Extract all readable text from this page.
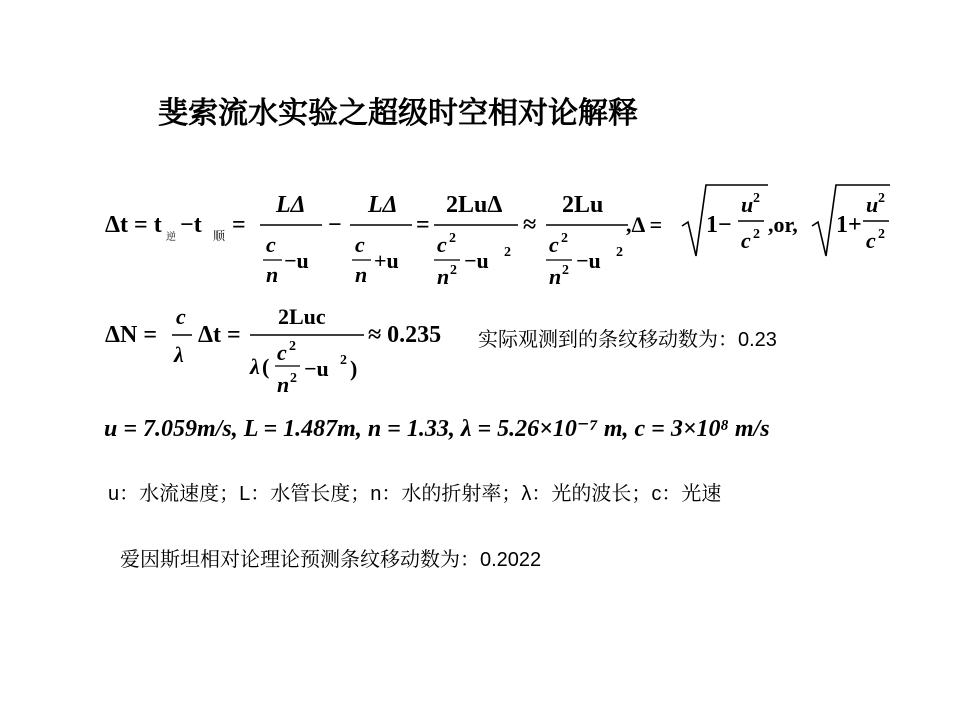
斐索流水实验之超级时空相对论解释
Δt = t 逆 −t 顺 =
LΔ
c
n
−u
−
LΔ
c
n
+u
=
2LuΔ
c 2
n 2 −u 2
≈
2Lu
c 2
n 2 −u 2
,Δ = 1−
u 2
c 2 ,or, 1+
u 2
c 2
ΔN =
c
λ
Δt =
2Luc
λ (
c 2
n 2 −u 2 )
≈ 0.235 实际观测到的条纹移动数为：0.23
u = 7.059m/s, L = 1.487m, n = 1.33, λ = 5.26×10⁻⁷ m, c = 3×10⁸ m/s
u：水流速度；L：水管长度；n：水的折射率；λ：光的波长；c：光速
爱因斯坦相对论理论预测条纹移动数为：0.2022
